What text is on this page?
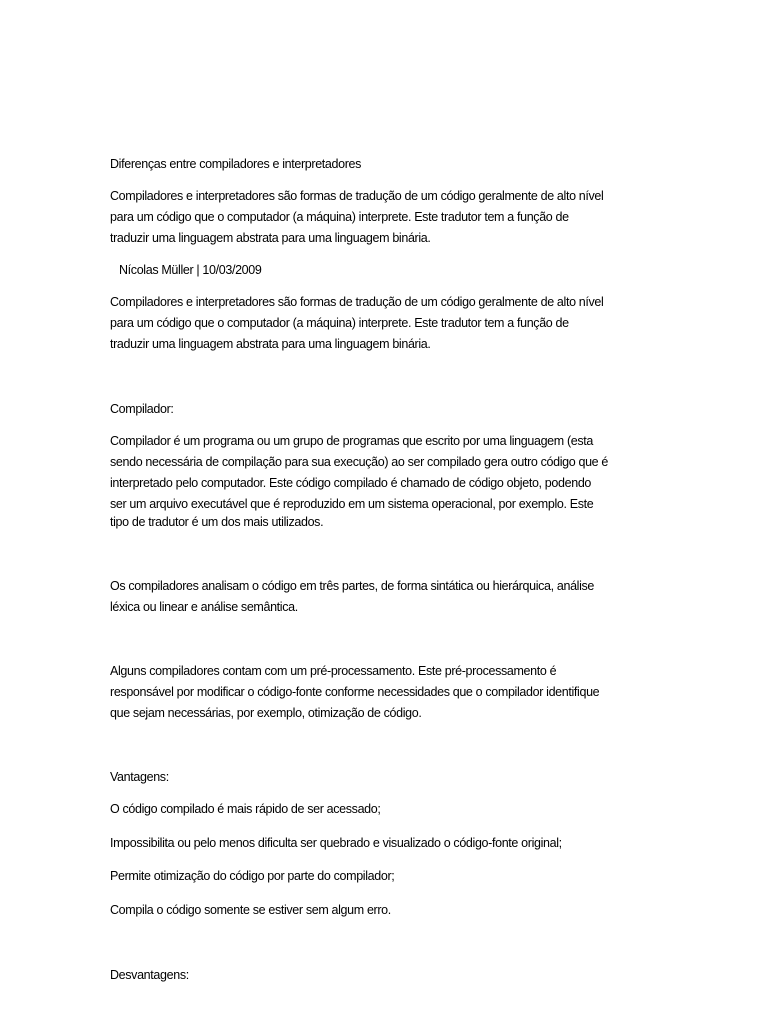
Diferenças entre compiladores e interpretadores
Compiladores e interpretadores são formas de tradução de um código geralmente de alto nível
para um código que o computador (a máquina) interprete. Este tradutor tem a função de
traduzir uma linguagem abstrata para uma linguagem binária.
Nícolas Müller | 10/03/2009
Compiladores e interpretadores são formas de tradução de um código geralmente de alto nível
para um código que o computador (a máquina) interprete. Este tradutor tem a função de
traduzir uma linguagem abstrata para uma linguagem binária.
Compilador:
Compilador é um programa ou um grupo de programas que escrito por uma linguagem (esta
sendo necessária de compilação para sua execução) ao ser compilado gera outro código que é
interpretado pelo computador. Este código compilado é chamado de código objeto, podendo
ser um arquivo executável que é reproduzido em um sistema operacional, por exemplo. Este
tipo de tradutor é um dos mais utilizados.
Os compiladores analisam o código em três partes, de forma sintática ou hierárquica, análise
léxica ou linear e análise semântica.
Alguns compiladores contam com um pré-processamento. Este pré-processamento é
responsável por modificar o código-fonte conforme necessidades que o compilador identifique
que sejam necessárias, por exemplo, otimização de código.
Vantagens:
O código compilado é mais rápido de ser acessado;
Impossibilita ou pelo menos dificulta ser quebrado e visualizado o código-fonte original;
Permite otimização do código por parte do compilador;
Compila o código somente se estiver sem algum erro.
Desvantagens:
